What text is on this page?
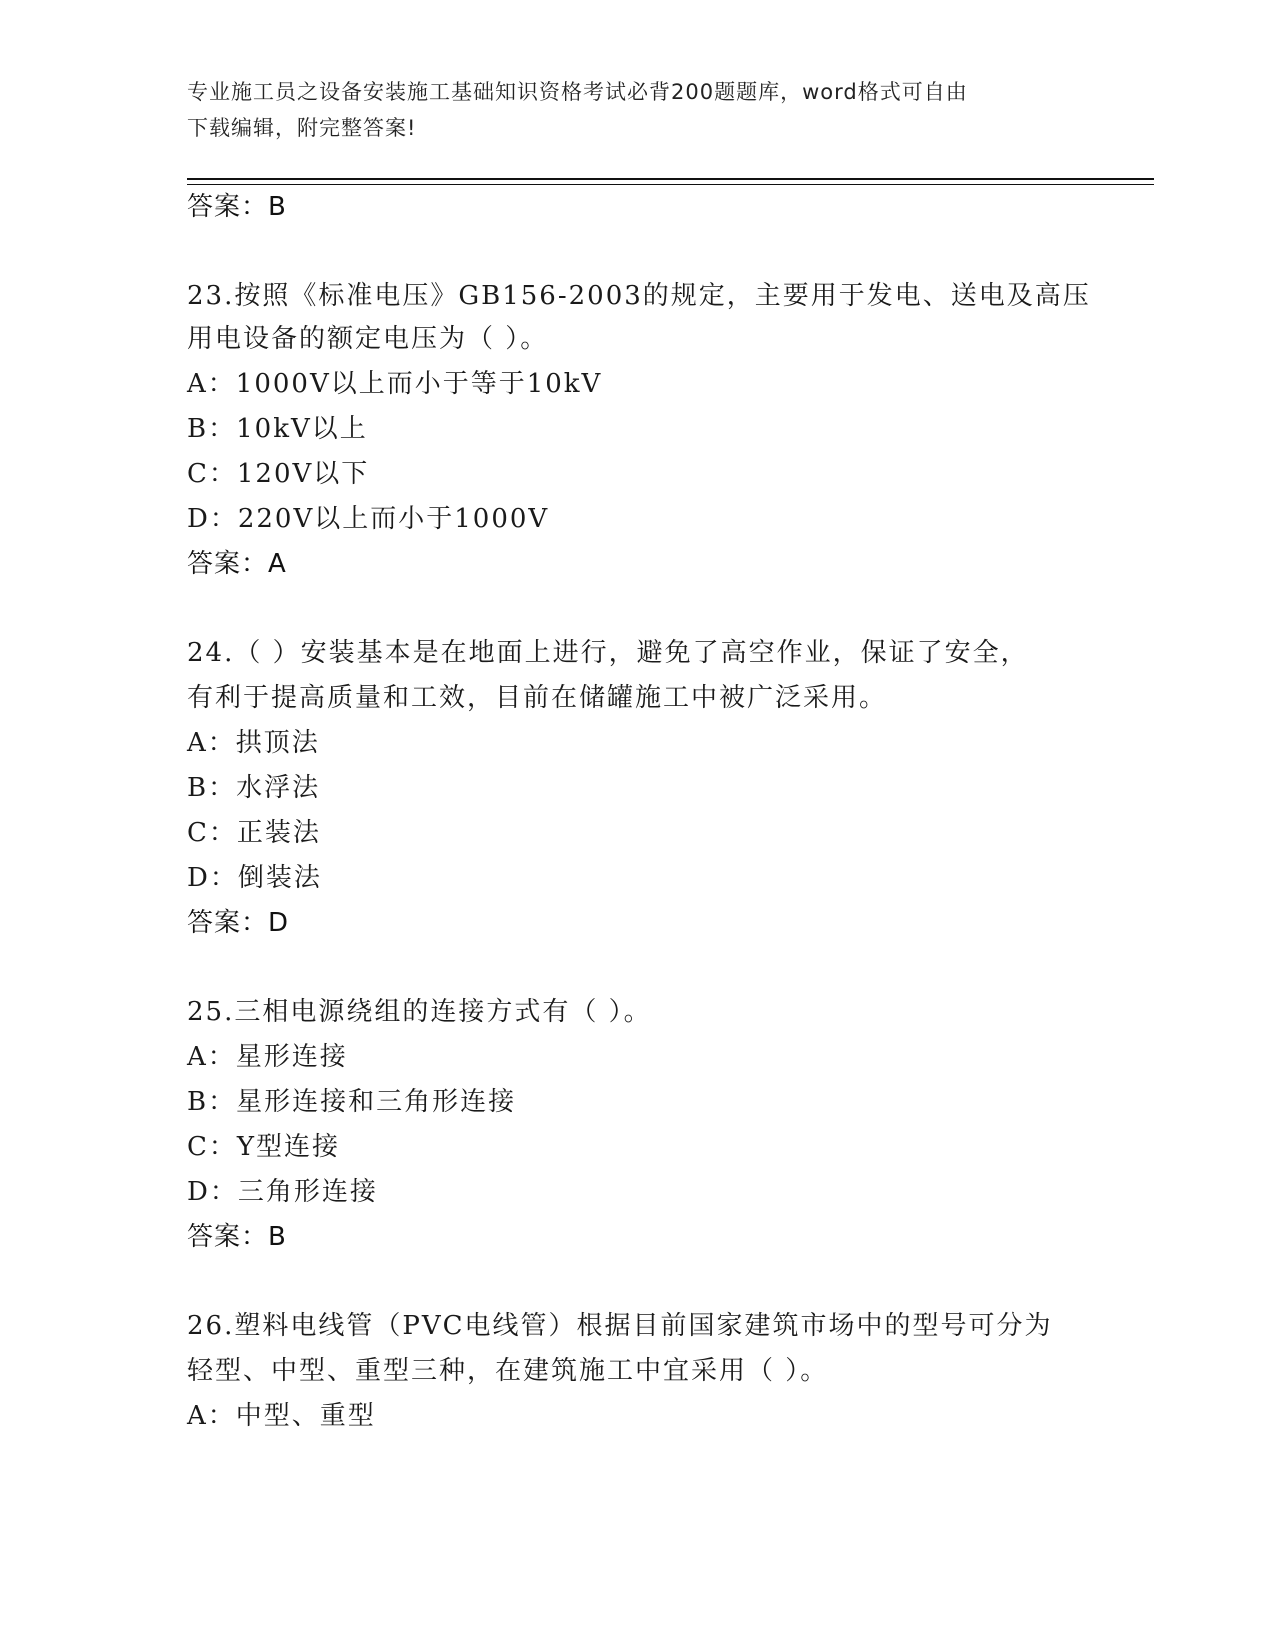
专业施工员之设备安装施工基础知识资格考试必背200题题库，word格式可自由
下载编辑，附完整答案!
答案：B
23.按照《标准电压》GB156-2003的规定，主要用于发电、送电及高压
用电设备的额定电压为（ ）。
A：1000V以上而小于等于10kV
B：10kV以上
C：120V以下
D：220V以上而小于1000V
答案：A
24.（ ）安装基本是在地面上进行，避免了高空作业，保证了安全，
有利于提高质量和工效，目前在储罐施工中被广泛采用。
A：拱顶法
B：水浮法
C：正装法
D：倒装法
答案：D
25.三相电源绕组的连接方式有（ ）。
A：星形连接
B：星形连接和三角形连接
C：Y型连接
D：三角形连接
答案：B
26.塑料电线管（PVC电线管）根据目前国家建筑市场中的型号可分为
轻型、中型、重型三种，在建筑施工中宜采用（ ）。
A：中型、重型
